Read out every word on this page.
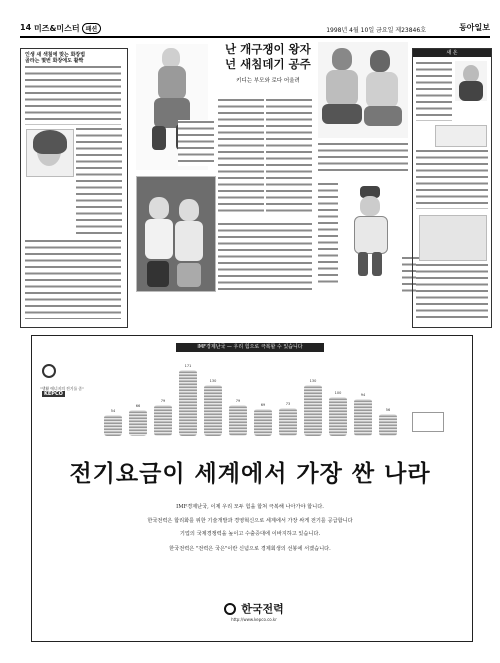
14 미즈&미스터 패션	1998년 4월 10일 금요일 제23846호	동아일보
인생 새 색칠에 맞는 화장법
골라는 몇번 화장에도 활짝
난 개구쟁이 왕자
넌 새침데기 공주
키디는 부모와 로다 어울려
새 온
IMF경제난국 — 우리 힘으로 극복할 수 있습니다
KEPCO
"생활 에너지의 전기를 좀"
54
66
79
171
130
79
69	73
130
100
94
56
전기요금이 세계에서 가장 싼 나라
IMF경제난국, 이제 우리 모두 힘을 합쳐 극복해 나아가야 합니다.
한국전력은 합리화를 위한 기술개발과 경영혁신으로 세계에서 가장 싸게 전기를 공급합니다
기업의 국제경쟁력을 높이고 수출증대에 이바지하고 있습니다.
한국전력은 "전력은 국은"이란 신념으로 경제회생의 선봉에 서겠습니다.
한국전력
http://www.kepco.co.kr
